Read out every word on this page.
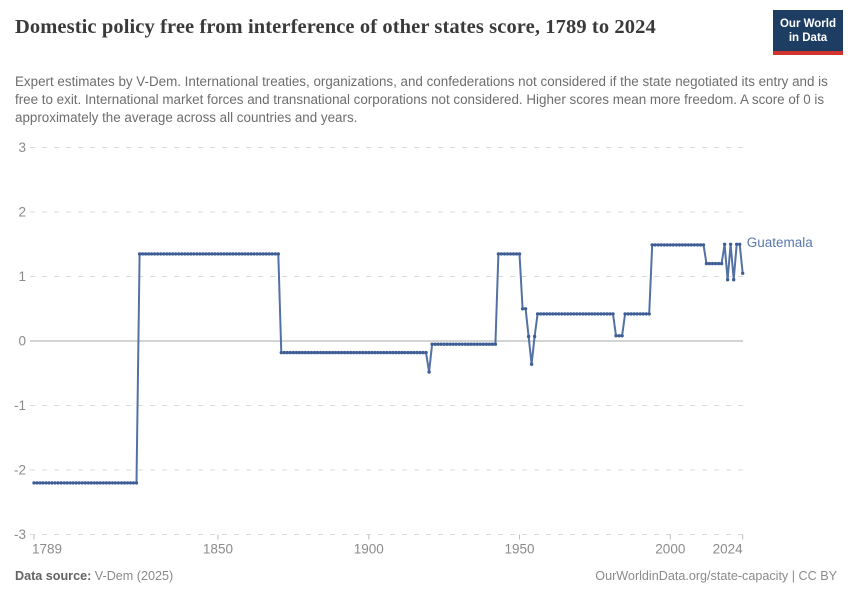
3
2
1
0
-1
-2
-3
1789	1850	1900	1950	2000 2024
Guatemala
Domestic policy free from interference of other states score, 1789 to 2024
Expert estimates by V-Dem. International treaties, organizations, and confederations not considered if the state negotiated its entry and is free to exit. International market forces and transnational corporations not considered. Higher scores mean more freedom. A score of 0 is approximately the average across all countries and years.
Our World
in Data
Data source: V-Dem (2025)	OurWorldinData.org/state-capacity | CC BY
